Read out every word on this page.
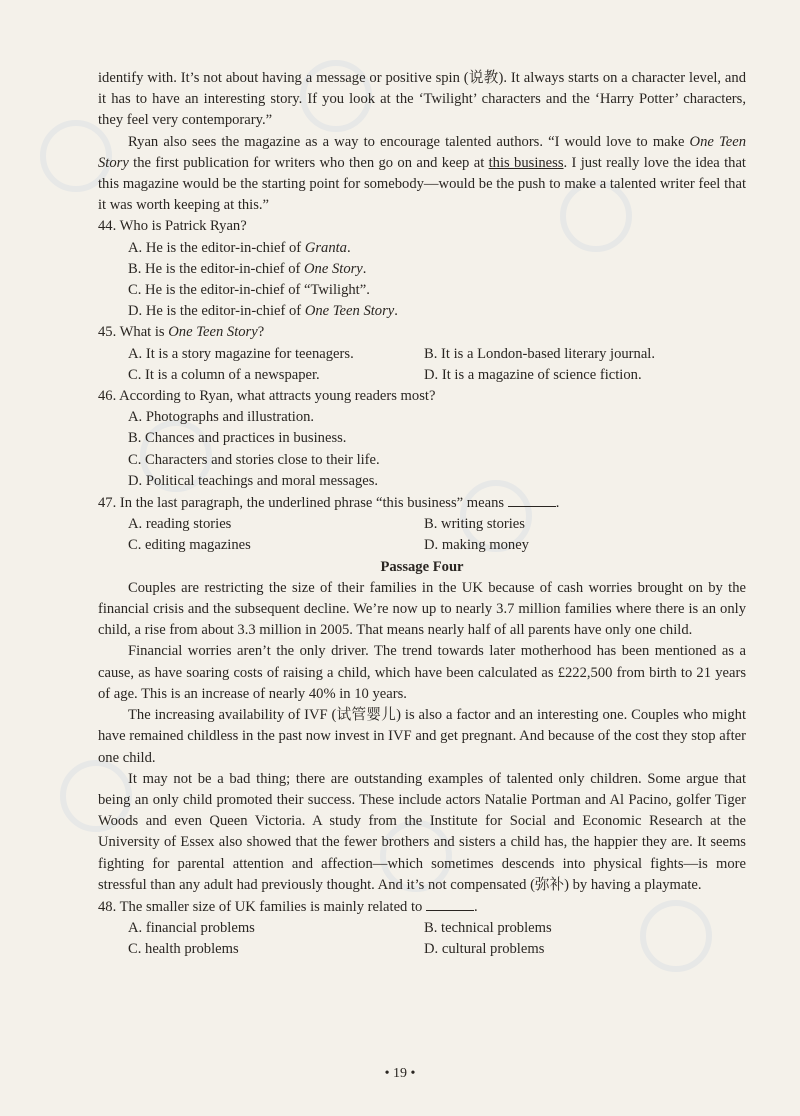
identify with. It’s not about having a message or positive spin (说教). It always starts on a character level, and it has to have an interesting story. If you look at the ‘Twilight’ characters and the ‘Harry Potter’ characters, they feel very contemporary.”

Ryan also sees the magazine as a way to encourage talented authors. “I would love to make One Teen Story the first publication for writers who then go on and keep at this business. I just really love the idea that this magazine would be the starting point for somebody—would be the push to make a talented writer feel that it was worth keeping at this.”

44. Who is Patrick Ryan?

A. He is the editor-in-chief of Granta.

B. He is the editor-in-chief of One Story.

C. He is the editor-in-chief of “Twilight”.

D. He is the editor-in-chief of One Teen Story.

45. What is One Teen Story?

A. It is a story magazine for teenagers.	B. It is a London-based literary journal.
C. It is a column of a newspaper.	D. It is a magazine of science fiction.

46. According to Ryan, what attracts young readers most?

A. Photographs and illustration.

B. Chances and practices in business.

C. Characters and stories close to their life.

D. Political teachings and moral messages.

47. In the last paragraph, the underlined phrase “this business” means	.

A. reading stories	B. writing stories
C. editing magazines	D. making money

Passage Four

Couples are restricting the size of their families in the UK because of cash worries brought on by the financial crisis and the subsequent decline. We’re now up to nearly 3.7 million families where there is an only child, a rise from about 3.3 million in 2005. That means nearly half of all parents have only one child.

Financial worries aren’t the only driver. The trend towards later motherhood has been mentioned as a cause, as have soaring costs of raising a child, which have been calculated as £222,500 from birth to 21 years of age. This is an increase of nearly 40% in 10 years.

The increasing availability of IVF (试管婴儿) is also a factor and an interesting one. Couples who might have remained childless in the past now invest in IVF and get pregnant. And because of the cost they stop after one child.

It may not be a bad thing; there are outstanding examples of talented only children. Some argue that being an only child promoted their success. These include actors Natalie Portman and Al Pacino, golfer Tiger Woods and even Queen Victoria. A study from the Institute for Social and Economic Research at the University of Essex also showed that the fewer brothers and sisters a child has, the happier they are. It seems fighting for parental attention and affection—which sometimes descends into physical fights—is more stressful than any adult had previously thought. And it’s not compensated (弥补) by having a playmate.

48. The smaller size of UK families is mainly related to	.

A. financial problems	B. technical problems
C. health problems	D. cultural problems
• 19 •
